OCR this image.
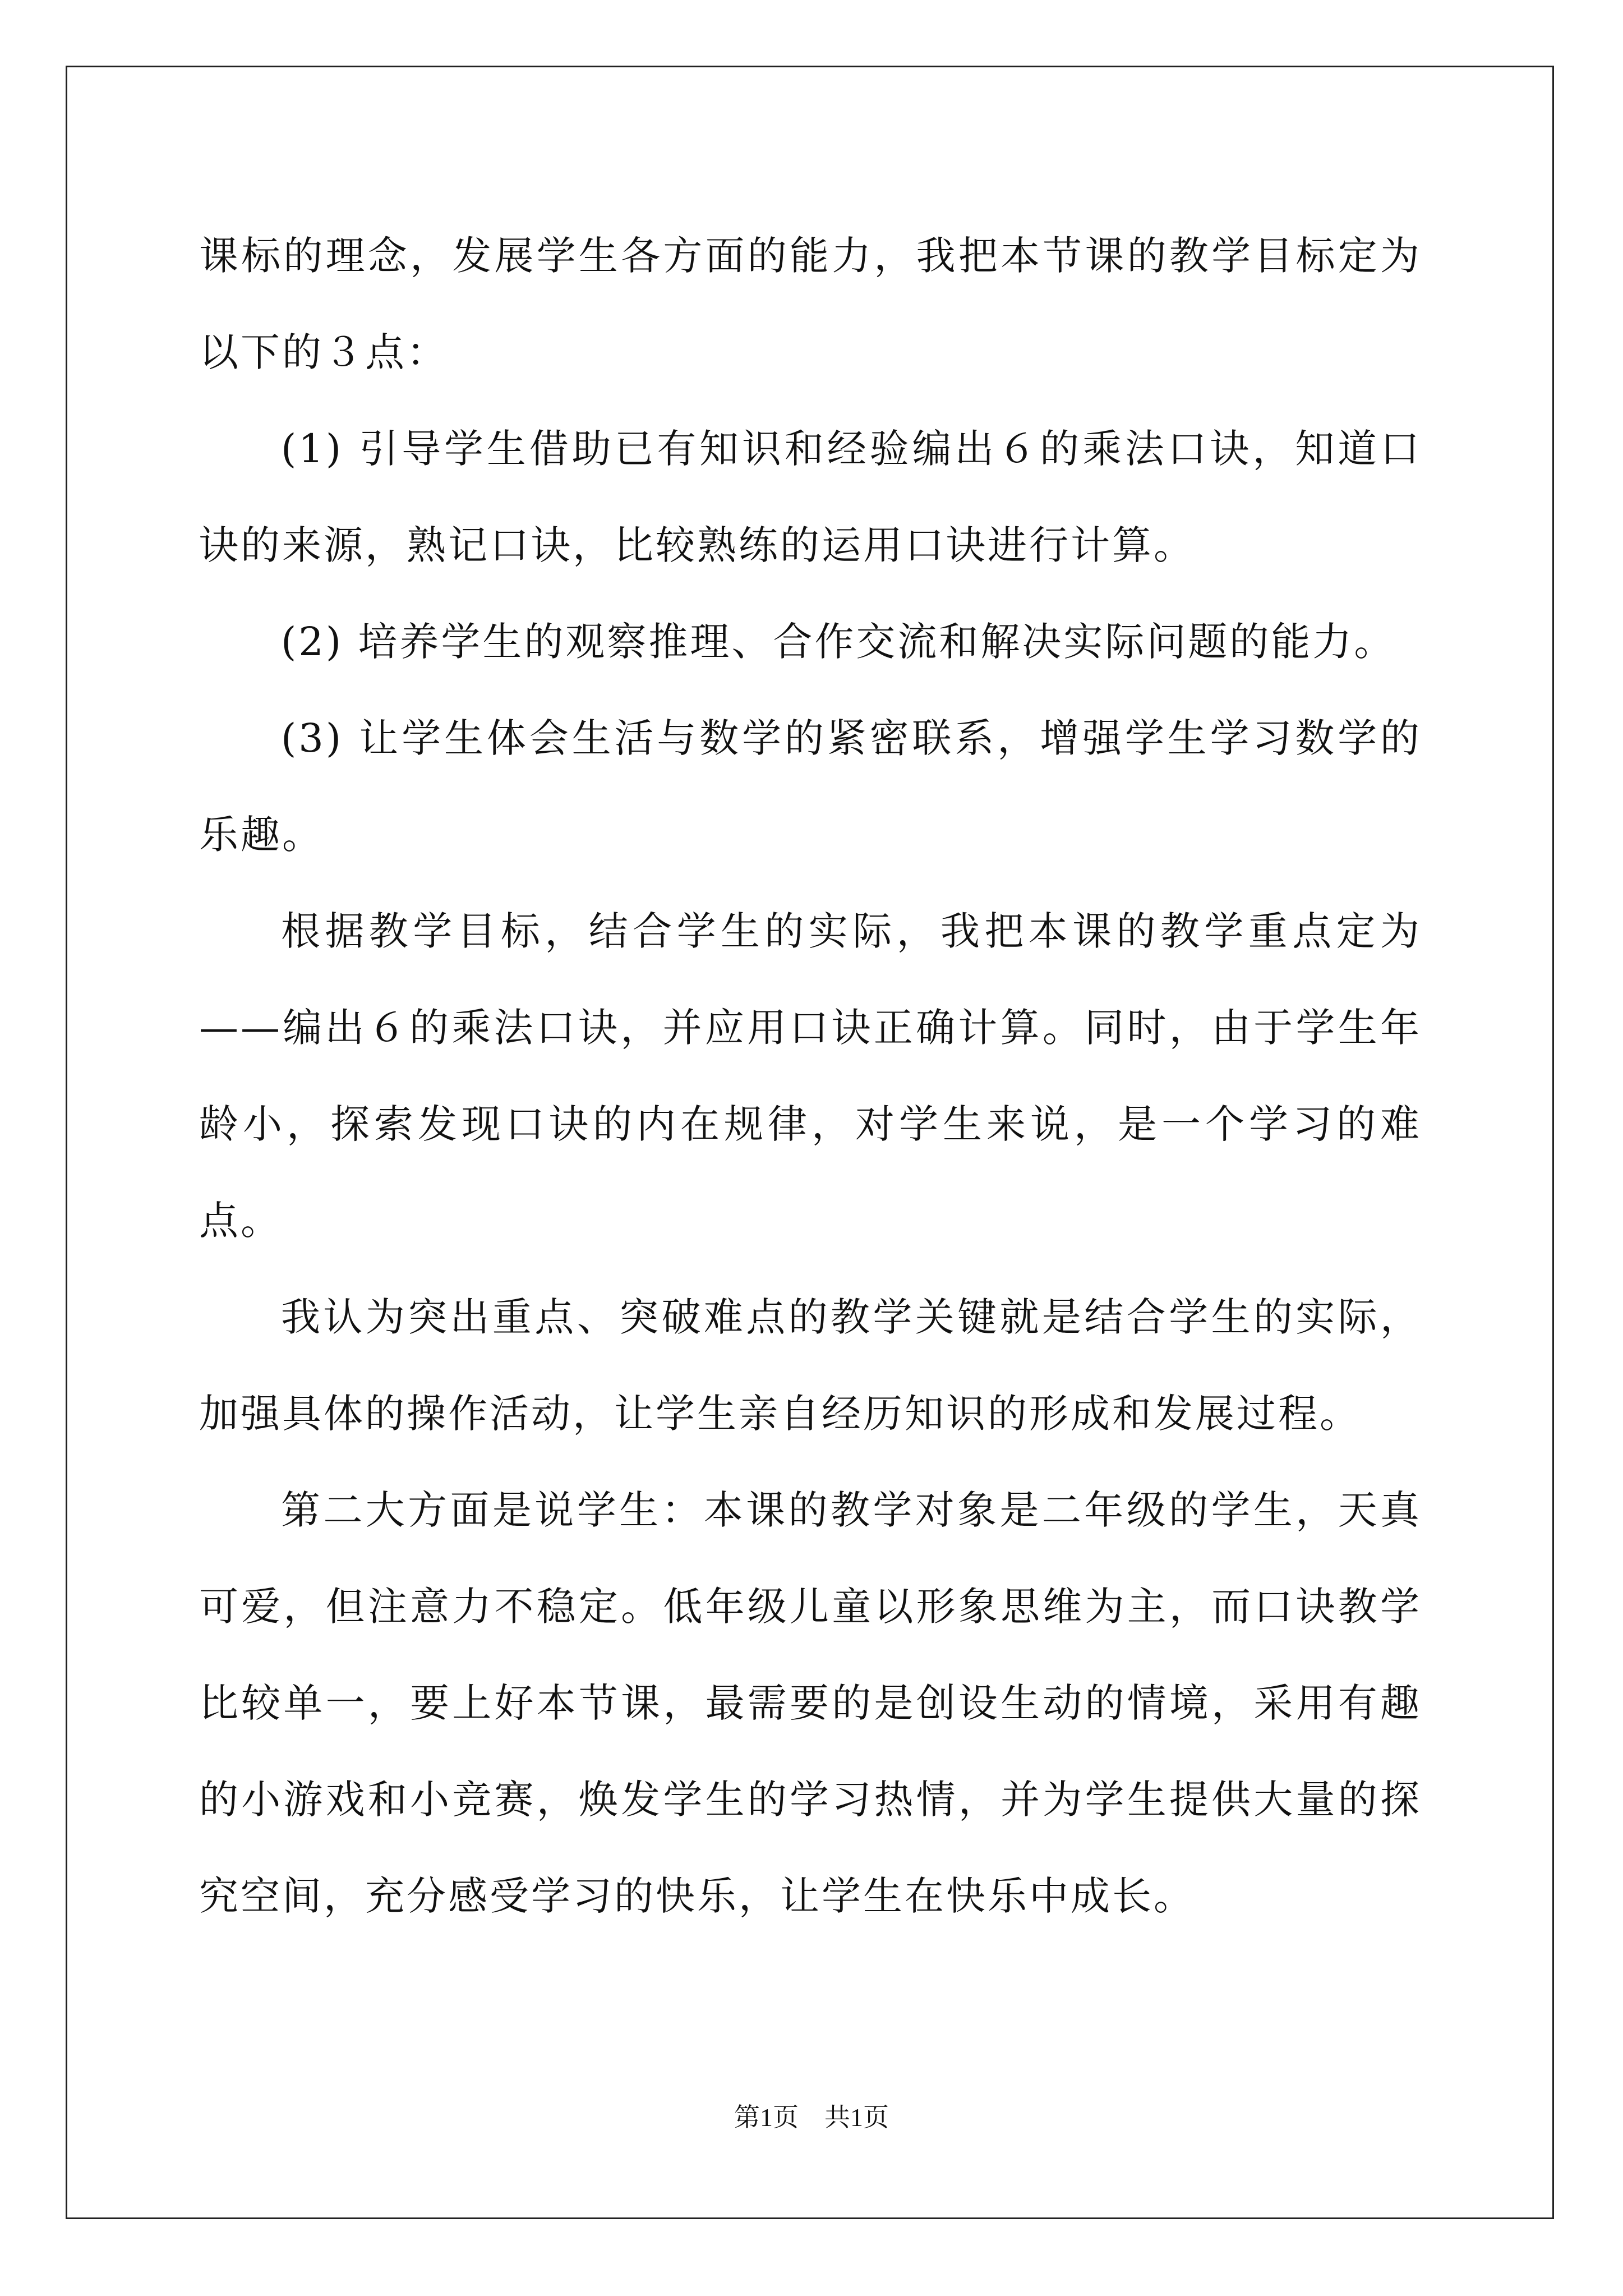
课标的理念，发展学生各方面的能力，我把本节课的教学目标定为以下的３点：

(1) 引导学生借助已有知识和经验编出６的乘法口诀，知道口诀的来源，熟记口诀，比较熟练的运用口诀进行计算。

(2) 培养学生的观察推理、合作交流和解决实际问题的能力。

(3) 让学生体会生活与数学的紧密联系，增强学生学习数学的乐趣。

根据教学目标，结合学生的实际，我把本课的教学重点定为——编出６的乘法口诀，并应用口诀正确计算。同时，由于学生年龄小，探索发现口诀的内在规律，对学生来说，是一个学习的难点。

我认为突出重点、突破难点的教学关键就是结合学生的实际，加强具体的操作活动，让学生亲自经历知识的形成和发展过程。

第二大方面是说学生：本课的教学对象是二年级的学生，天真可爱，但注意力不稳定。低年级儿童以形象思维为主，而口诀教学比较单一，要上好本节课，最需要的是创设生动的情境，采用有趣的小游戏和小竞赛，焕发学生的学习热情，并为学生提供大量的探究空间，充分感受学习的快乐，让学生在快乐中成长。

第1页　共1页
